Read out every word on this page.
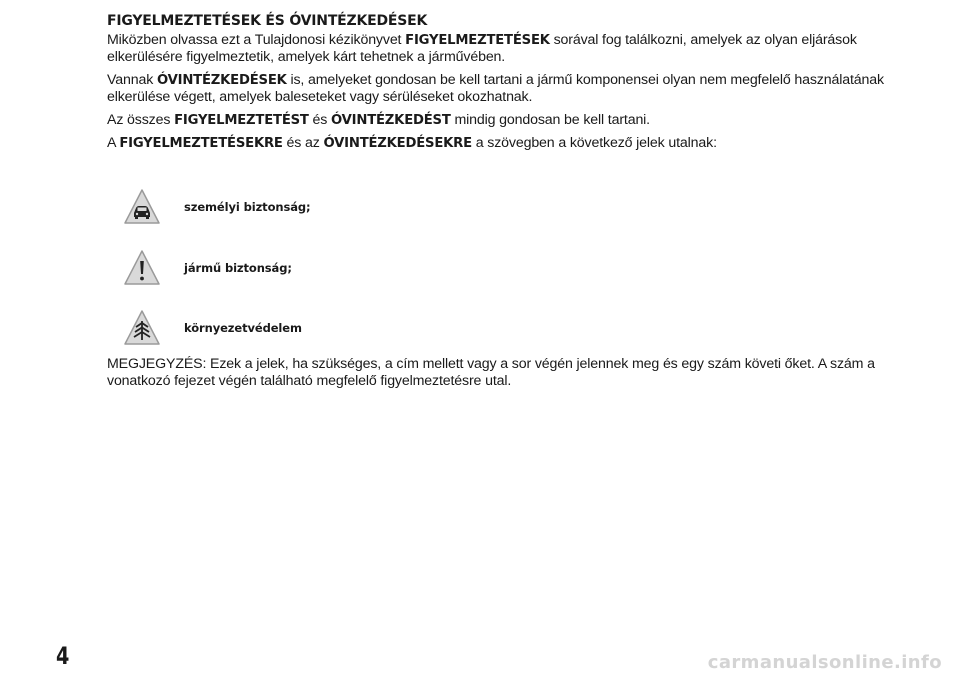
FIGYELMEZTETÉSEK ÉS ÓVINTÉZKEDÉSEK

Miközben olvassa ezt a Tulajdonosi kézikönyvet FIGYELMEZTETÉSEK sorával fog találkozni, amelyek az olyan eljárások elkerülésére figyelmeztetik, amelyek kárt tehetnek a járművében.

Vannak ÓVINTÉZKEDÉSEK is, amelyeket gondosan be kell tartani a jármű komponensei olyan nem megfelelő használatának elkerülése végett, amelyek baleseteket vagy sérüléseket okozhatnak.

Az összes FIGYELMEZTETÉST és ÓVINTÉZKEDÉST mindig gondosan be kell tartani.

A FIGYELMEZTETÉSEKRE és az ÓVINTÉZKEDÉSEKRE a szövegben a következő jelek utalnak:

személyi biztonság;
jármű biztonság;
környezetvédelem

MEGJEGYZÉS: Ezek a jelek, ha szükséges, a cím mellett vagy a sor végén jelennek meg és egy szám követi őket. A szám a vonatkozó fejezet végén található megfelelő figyelmeztetésre utal.

4	carmanualsonline.info
